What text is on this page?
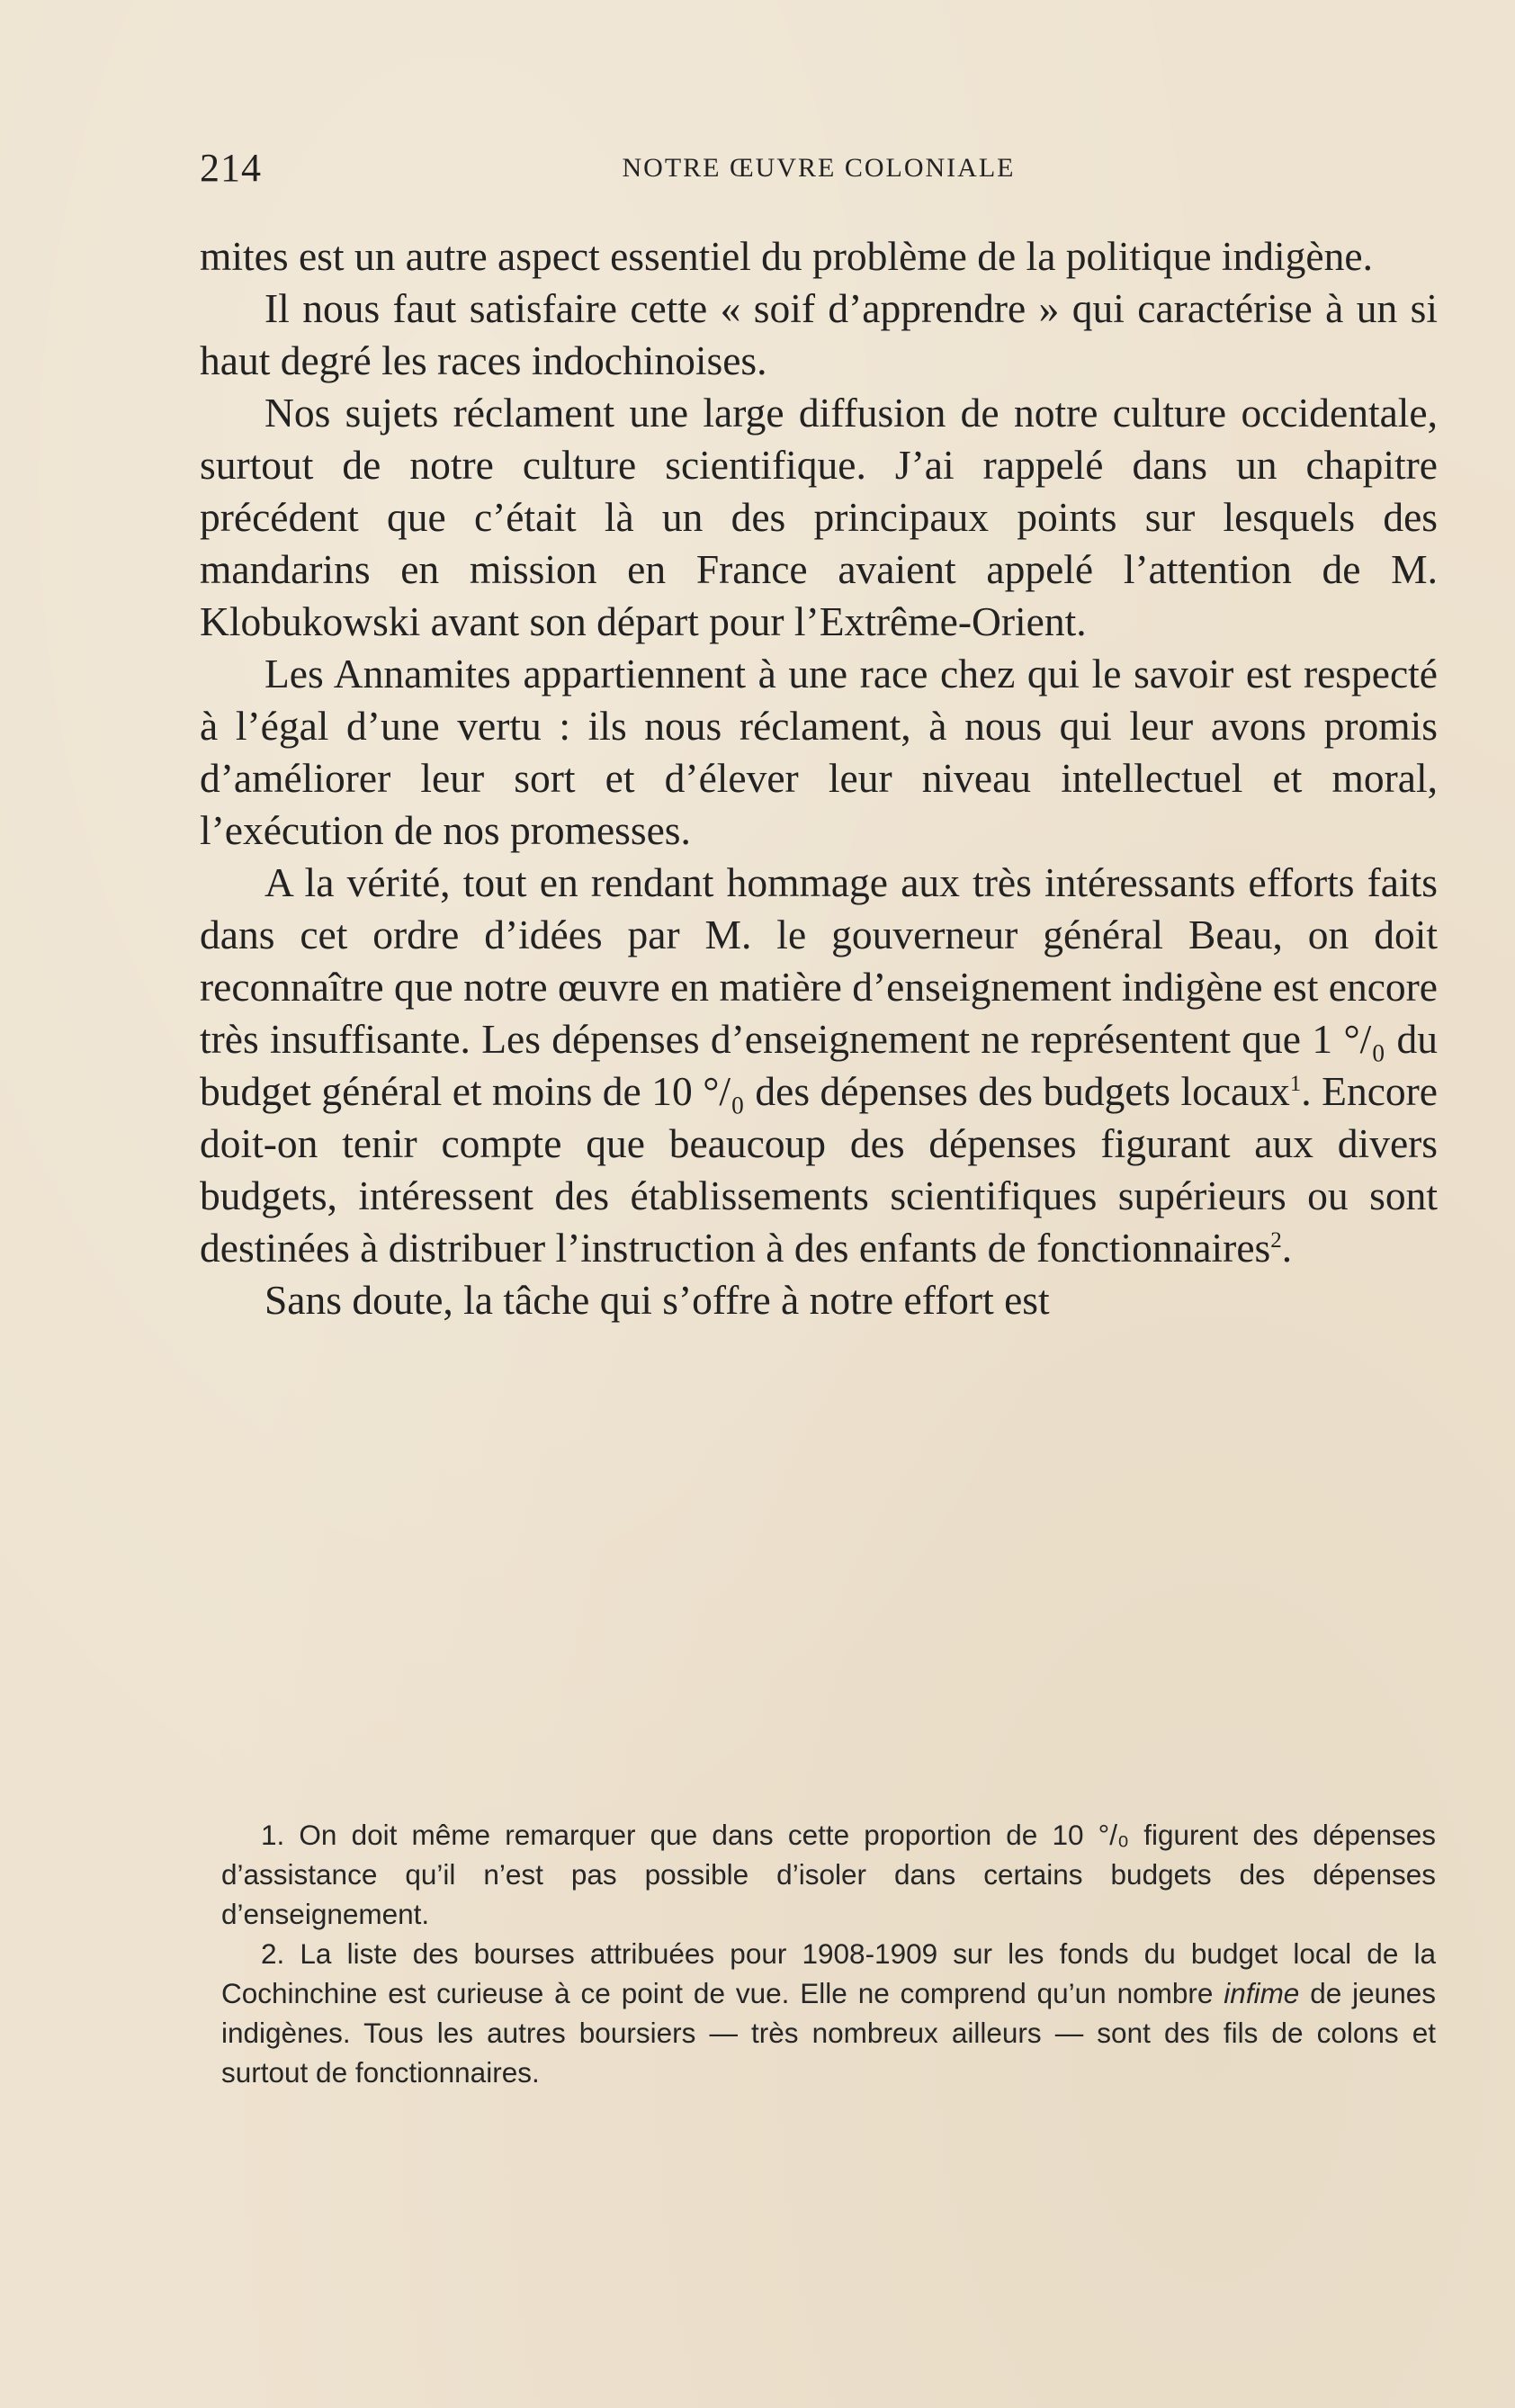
214	NOTRE ŒUVRE COLONIALE

mites est un autre aspect essentiel du problème de la politique indigène.

Il nous faut satisfaire cette « soif d’apprendre » qui caractérise à un si haut degré les races indochinoises.

Nos sujets réclament une large diffusion de notre culture occidentale, surtout de notre culture scientifique. J’ai rappelé dans un chapitre précédent que c’était là un des principaux points sur lesquels des mandarins en mission en France avaient appelé l’attention de M. Klobukowski avant son départ pour l’Extrême-Orient.

Les Annamites appartiennent à une race chez qui le savoir est respecté à l’égal d’une vertu : ils nous réclament, à nous qui leur avons promis d’améliorer leur sort et d’élever leur niveau intellectuel et moral, l’exécution de nos promesses.

A la vérité, tout en rendant hommage aux très intéressants efforts faits dans cet ordre d’idées par M. le gouverneur général Beau, on doit reconnaître que notre œuvre en matière d’enseignement indigène est encore très insuffisante. Les dépenses d’enseignement ne représentent que 1 °/₀ du budget général et moins de 10 °/₀ des dépenses des budgets locaux$^1$. Encore doit-on tenir compte que beaucoup des dépenses figurant aux divers budgets, intéressent des établissements scientifiques supérieurs ou sont destinées à distribuer l’instruction à des enfants de fonctionnaires$^2$.

Sans doute, la tâche qui s’offre à notre effort est

1. On doit même remarquer que dans cette proportion de 10 °/₀ figurent des dépenses d’assistance qu’il n’est pas possible d’isoler dans certains budgets des dépenses d’enseignement.

2. La liste des bourses attribuées pour 1908-1909 sur les fonds du budget local de la Cochinchine est curieuse à ce point de vue. Elle ne comprend qu’un nombre infime de jeunes indigènes. Tous les autres boursiers — très nombreux ailleurs — sont des fils de colons et surtout de fonctionnaires.
